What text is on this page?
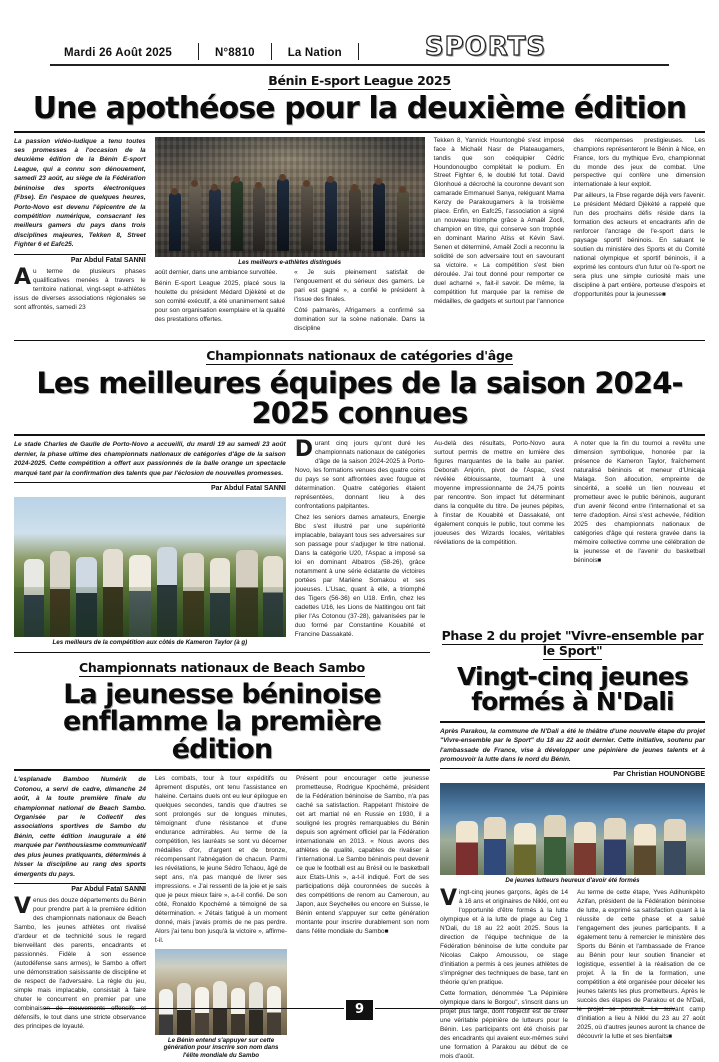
Mardi 26 Août 2025	N°8810	La Nation	SPORTS
Bénin E-sport League 2025
Une apothéose pour la deuxième édition
La passion vidéo-ludique a tenu toutes ses promesses à l'occasion de la deuxième édition de la Bénin E-sport League, qui a connu son dénouement, samedi 23 août, au siège de la Fédération béninoise des sports électroniques (Fbse). En l'espace de quelques heures, Porto-Novo est devenu l'épicentre de la compétition numérique, consacrant les meilleurs gamers du pays dans trois disciplines majeures, Tekken 8, Street Fighter 6 et Eafc25.
Par Abdul Fataï SANNI
Au terme de plusieurs phases qualificatives menées à travers le territoire national, vingt-sept e-athlètes issus de diverses associations régionales se sont affrontés, samedi 23
Les meilleurs e-athlètes distingués
août dernier, dans une ambiance survoltée.
Bénin E-sport League 2025, placé sous la houlette du président Médard Djèkèté et de son comité exécutif, a été unanimement salué pour son organisation exemplaire et la qualité des prestations offertes.
« Je suis pleinement satisfait de l'engouement et du sérieux des gamers. Le pari est gagné », a confié le président à l'issue des finales.
Côté palmarès, Afrigamers a confirmé sa domination sur la scène nationale. Dans la discipline
Tekken 8, Yannick Hountongbé s'est imposé face à Michaël Nasr de Plateaugamers, tandis que son coéquipier Cédric Houndonougbo complétait le podium. En Street Fighter 6, le doublé fut total. David Glonhoué a décroché la couronne devant son camarade Emmanuel Sanya, reléguant Mama Kenzy de Parakougamers à la troisième place. Enfin, en Eafc25, l'association a signé un nouveau triomphe grâce à Amaël Zocli, champion en titre, qui conserve son trophée en dominant Marino Atiss et Kévin Savi. Senen et déterminé, Amaël Zocli a reconnu la solidité de son adversaire tout en savourant sa victoire. « La compétition s'est bien déroulée. J'ai tout donné pour remporter ce duel acharné », fait-il savoir. De même, la compétition fut marquée par la remise de médailles, de gadgets et surtout par l'annonce
des récompenses prestigieuses. Les champions représenteront le Bénin à Nice, en France, lors du mythique Evo, championnat du monde des jeux de combat. Une perspective qui confère une dimension internationale à leur exploit.
Par ailleurs, la Fbse regarde déjà vers l'avenir. Le président Médard Djèkèté a rappelé que l'un des prochains défis réside dans la formation des acteurs et encadrants afin de renforcer l'ancrage de l'e-sport dans le paysage sportif béninois. En saluant le soutien du ministère des Sports et du Comité national olympique et sportif béninois, il a exprimé les contours d'un futur où l'e-sport ne sera plus une simple curiosité mais une discipline à part entière, porteuse d'espoirs et d'opportunités pour la jeunesse■
Championnats nationaux de catégories d'âge
Les meilleures équipes de la saison 2024-2025 connues
Le stade Charles de Gaulle de Porto-Novo a accueilli, du mardi 19 au samedi 23 août dernier, la phase ultime des championnats nationaux de catégories d'âge de la saison 2024-2025. Cette compétition a offert aux passionnés de la balle orange un spectacle marqué tant par la confirmation des talents que par l'éclosion de nouvelles promesses.
Par Abdul Fataï SANNI
Les meilleurs de la compétition aux côtés de Kameron Taylor (à g)
Durant cinq jours qu'ont duré les championnats nationaux de catégories d'âge de la saison 2024-2025 à Porto-Novo, les formations venues des quatre coins du pays se sont affrontées avec fougue et détermination. Quatre catégories étaient représentées, donnant lieu à des confrontations palpitantes.
Chez les seniors dames amateurs, Energie Bbc s'est illustré par une supériorité implacable, balayant tous ses adversaires sur son passage pour s'adjuger le titre national. Dans la catégorie U20, l'Aspac a imposé sa loi en dominant Albatros (58-26), grâce notamment à une série éclatante de victoires portées par Marlène Somakou et ses joueuses. L'Usac, quant à elle, a triomphé des Tigers (56-36) en U18. Enfin, chez les cadettes U16, les Lions de Natitingou ont fait plier l'As Cotonou (37-28), galvanisées par le duo formé par Constantine Kouabité et Francine Dassakaté.
Au-delà des résultats, Porto-Novo aura surtout permis de mettre en lumière des figures marquantes de la balle au panier. Deborah Anjorin, pivot de l'Aspac, s'est révélée éblouissante, tournant à une moyenne impressionnante de 24,75 points par rencontre. Son impact fut déterminant dans la conquête du titre. De jeunes pépites, à l'instar de Kouabité et Dassakaté, ont également conquis le public, tout comme les joueuses des Wizards locales, véritables révélations de la compétition.

A noter que la fin du tournoi a revêtu une dimension symbolique, honorée par la présence de Kameron Taylor, fraîchement naturalisé béninois et meneur d'Unicaja Malaga. Son allocution, empreinte de sincérité, a scellé un lien nouveau et prometteur avec le public béninois, augurant d'un avenir fécond entre l'international et sa terre d'adoption. Ainsi s'est achevée, l'édition 2025 des championnats nationaux de catégories d'âge qui restera gravée dans la mémoire collective comme une célébration de la jeunesse et de l'avenir du basketball béninois■
Championnats nationaux de Beach Sambo
La jeunesse béninoise enflamme la première édition
L'esplanade Bamboo Numérik de Cotonou, a servi de cadre, dimanche 24 août, à la toute première finale du championnat national de Beach Sambo. Organisée par le Collectif des associations sportives de Sambo du Bénin, cette édition inaugurale a été marquée par l'enthousiasme communicatif des plus jeunes pratiquants, déterminés à hisser la discipline au rang des sports émergents du pays.
Par Abdul Fataï SANNI
Venus des douze départements du Bénin pour prendre part à la première édition des championnats nationaux de Beach Sambo, les jeunes athlètes ont rivalisé d'ardeur et de technicité sous le regard bienveillant des parents, encadrants et passionnés. Fidèle à son essence (autodéfense sans armes), le Sambo a offert une démonstration saisissante de discipline et de respect de l'adversaire. La règle du jeu, simple mais implacable, consistait à faire chuter le concurrent en premier par une combinaison de mouvements offensifs et défensifs, le tout dans une stricte observance des principes de loyauté.
Les combats, tour à tour expéditifs ou âprement disputés, ont tenu l'assistance en haleine. Certains duels ont eu leur épilogue en quelques secondes, tandis que d'autres se sont prolongés sur de longues minutes, témoignant d'une résistance et d'une endurance admirables. Au terme de la compétition, les lauréats se sont vu décerner médailles d'or, d'argent et de bronze, récompensant l'abnégation de chacun. Parmi les révélations, le jeune Sédro Tchaou, âgé de sept ans, n'a pas manqué de livrer ses impressions. « J'ai ressenti de la joie et je sais que je peux mieux faire », a-t-il confié. De son côté, Ronaldo Kpochémé a témoigné de sa détermination. « J'étais fatigué à un moment donné, mais j'avais promis de ne pas perdre. Alors j'ai tenu bon jusqu'à la victoire », affirme-t-il.
Le Bénin entend s'appuyer sur cette génération pour inscrire son nom dans l'élite mondiale du Sambo
Présent pour encourager cette jeunesse prometteuse, Rodrigue Kpochémé, président de la Fédération béninoise de Sambo, n'a pas caché sa satisfaction. Rappelant l'histoire de cet art martial né en Russie en 1930, il a souligné les progrès remarquables du Bénin depuis son agrément officiel par la Fédération internationale en 2013. « Nous avons des athlètes de qualité, capables de rivaliser à l'international. Le Sambo béninois peut devenir ce que le football est au Brésil ou le basketball aux Etats-Unis », a-t-il indiqué. Fort de ses participations déjà couronnées de succès à des compétitions de renom au Cameroun, au Japon, aux Seychelles ou encore en Suisse, le Bénin entend s'appuyer sur cette génération montante pour inscrire durablement son nom dans l'élite mondiale du Sambo■
Phase 2 du projet "Vivre-ensemble par le Sport"
Vingt-cinq jeunes formés à N'Dali
Après Parakou, la commune de N'Dali a été le théâtre d'une nouvelle étape du projet "Vivre-ensemble par le Sport" du 18 au 22 août dernier. Cette initiative, soutenu par l'ambassade de France, vise à développer une pépinière de jeunes talents et à promouvoir la lutte dans le nord du Bénin.
Par Christian HOUNONGBE
De jeunes lutteurs heureux d'avoir été formés
Vingt-cinq jeunes garçons, âgés de 14 à 16 ans et originaires de Nikki, ont eu l'opportunité d'être formés à la lutte olympique et à la lutte de plage au Ceg 1 N'Dali, du 18 au 22 août 2025. Sous la direction de l'équipe technique de la Fédération béninoise de lutte conduite par Nicolas Cakpo Amoussou, ce stage d'initiation a permis à ces jeunes athlètes de s'imprégner des techniques de base, tant en théorie qu'en pratique.
Cette formation, dénommée "La Pépinière olympique dans le Borgou", s'inscrit dans un projet plus large, dont l'objectif est de créer une véritable pépinière de lutteurs pour le Bénin. Les participants ont été choisis par des encadrants qui avaient eux-mêmes suivi une formation à Parakou au début de ce mois d'août.
Au terme de cette étape, Yves Adihunkpèto Azifan, président de la Fédération béninoise de lutte, a exprimé sa satisfaction quant à la réussite de cette phase et a salué l'engagement des jeunes participants. Il a également tenu à remercier le ministère des Sports du Bénin et l'ambassade de France au Bénin pour leur soutien financier et logistique, essentiel à la réalisation de ce projet. À la fin de la formation, une compétition a été organisée pour déceler les jeunes talents les plus prometteurs. Après le succès des étapes de Parakou et de N'Dali, le projet se poursuit. Le suivant camp d'initiation a lieu à Nikki du 23 au 27 août 2025, où d'autres jeunes auront la chance de découvrir la lutte et ses bienfaits■
9
